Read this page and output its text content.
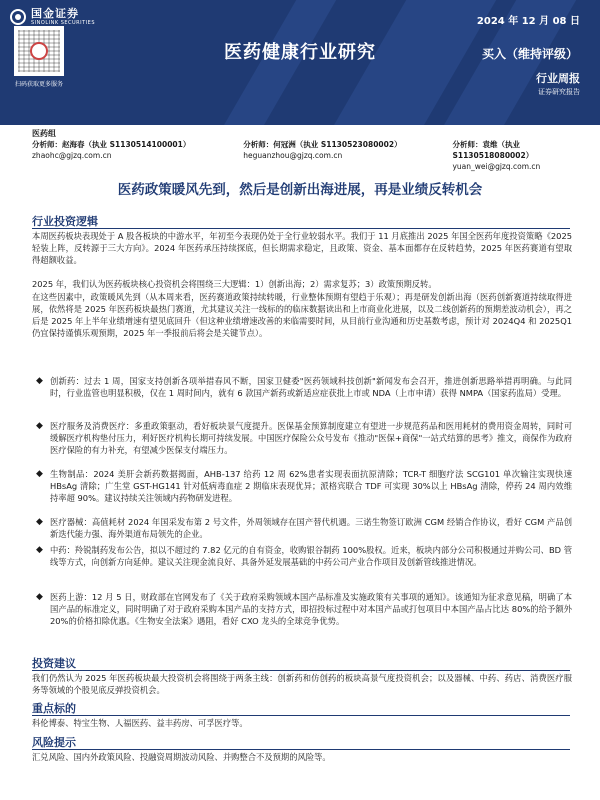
国金证券
SINOLINK SECURITIES
扫码获取更多服务
2024 年 12 月 08 日
医药健康行业研究	买入（维持评级）
行业周报
证券研究报告
医药组
分析师：赵海春（执业 S1130514100001）
zhaohc@gjzq.com.cn
分析师：何冠洲（执业 S1130523080002）
heguanzhou@gjzq.com.cn
分析师：袁维（执业 S1130518080002）
yuan_wei@gjzq.com.cn
医药政策暖风先到，然后是创新出海进展，再是业绩反转机会
行业投资逻辑
本周医药板块表现处于 A 股各板块的中游水平，年初至今表现仍处于全行业较弱水平。我们于 11 月底推出 2025 年国全医药年度投资策略《2025 轻装上阵，反转源于三大方向》。2024 年医药承压持续探底，但长期需求稳定，且政策、资金、基本面都存在反转趋势，2025 年医药赛道有望取得超额收益。
2025 年，我们认为医药板块核心投资机会将围绕三大逻辑：1）创新出海；2）需求复苏；3）政策预期反转。
在这些因素中，政策暖风先到（从本周来看，医药赛道政策持续转暖，行业整体预期有望趋于乐观）；再是研发创新出海（医药创新赛道持续取得进展，依然将是 2025 年医药板块最热门赛道，尤其建议关注一线标的的临床数据读出和上市商业化进展，以及二线创新药的预期差波动机会），再之后是 2025 年上半年业绩增速有望见底回升（但这种业绩增速改善的来临需要时间，从目前行业沟通和历史基数考虑，预计对 2024Q4 和 2025Q1 仍宜保持谨慎乐观预期，2025 年一季报前后将会是关键节点）。
◆ 创新药：过去 1 周，国家支持创新各项举措春风不断，国家卫健委"医药领域科技创新"新闻发布会召开，推进创新思路举措再明确。与此同时，行业监管也明显积极，仅在 1 周时间内，就有 6 款国产新药或新适应症获批上市或 NDA（上市申请）获得 NMPA（国家药监局）受理。
◆ 医疗服务及消费医疗：多重政策驱动，看好板块景气度提升。医保基金预算制度建立有望进一步规范药品和医用耗材的费用资金周转，同时可缓解医疗机构垫付压力，利好医疗机构长期可持续发展。中国医疗保险公众号发布《推动"医保+商保"一站式结算的思考》推文，商保作为政府医疗保险的有力补充，有望减少医保支付端压力。
◆ 生物制品：2024 美肝会新药数据揭面，AHB-137 给药 12 周 62%患者实现表面抗原清除；TCR-T 细胞疗法 SCG101 单次输注实现快速 HBsAg 清除；广生堂 GST-HG141 针对低病毒血症 2 期临床表现优异；派格宾联合 TDF 可实现 30%以上 HBsAg 清除，停药 24 周内效维持率超 90%。建议持续关注领域内药物研发进程。
◆ 医疗器械：高值耗材 2024 年国采发布第 2 号文件，外周领域存在国产替代机遇。三诺生物签订欧洲 CGM 经销合作协议，看好 CGM 产品创新迭代能力强、海外渠道布局领先的企业。
◆ 中药：羚锐制药发布公告，拟以不超过约 7.82 亿元的自有资金，收购银谷制药 100%股权。近来，板块内部分公司积极通过并购公司、BD 管线等方式，向创新方向延伸。建议关注现金流良好、具备外延发展基础的中药公司产业合作项目及创新管线推进情况。
◆ 医药上游：12 月 5 日，财政部在官网发布了《关于政府采购领域本国产品标准及实施政策有关事项的通知》。该通知为征求意见稿，明确了本国产品的标准定义，同时明确了对于政府采购本国产品的支持方式，即招投标过程中对本国产品或打包项目中本国产品占比达 80%的给予额外 20%的价格扣除优惠。《生物安全法案》遇阻，看好 CXO 龙头的全球竞争优势。
投资建议
我们仍然认为 2025 年医药板块最大投资机会将围绕于两条主线：创新药和仿创药的板块高景气度投资机会；以及器械、中药、药店、消费医疗服务等领域的个股见底反弹投资机会。
重点标的
科伦博泰、特宝生物、人福医药、益丰药房、可孚医疗等。
风险提示
汇兑风险、国内外政策风险、投融资周期波动风险、并购整合不及预期的风险等。
